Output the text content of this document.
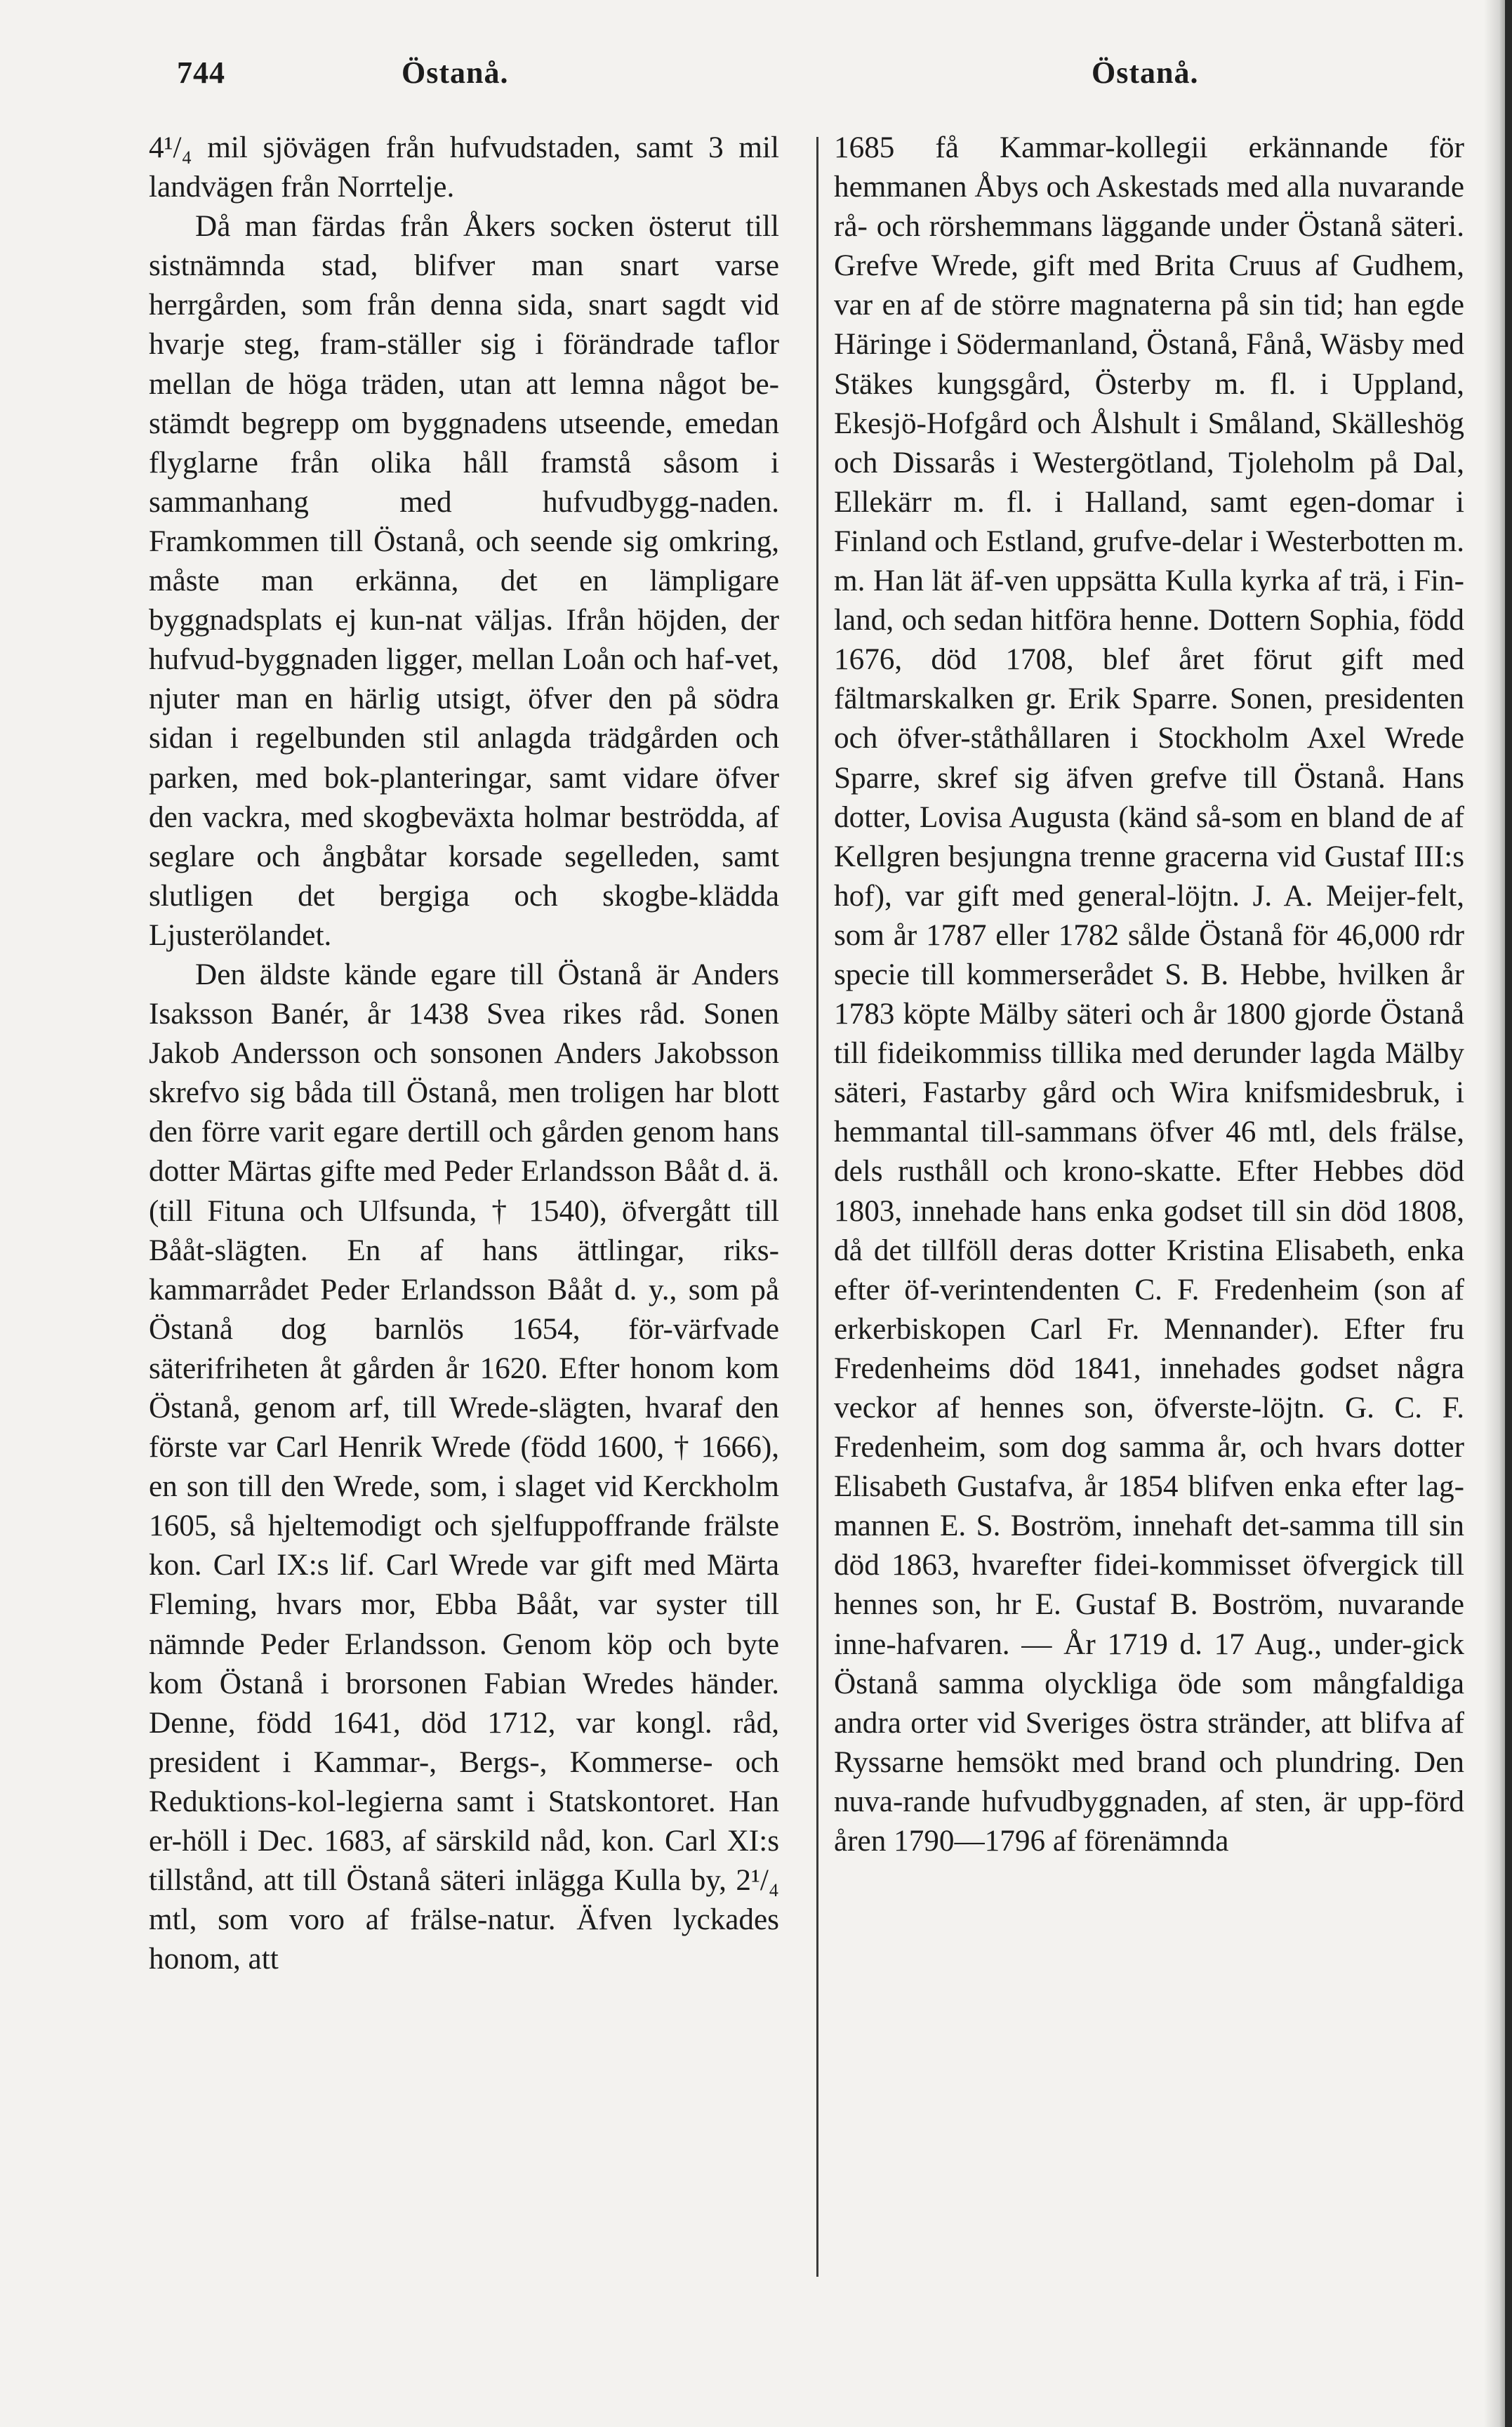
744	Östanå.	Östanå.

4¹/₄ mil sjövägen från hufvudstaden, samt 3 mil landvägen från Norrtelje.

Då man färdas från Åkers socken österut till sistnämnda stad, blifver man snart varse herrgården, som från denna sida, snart sagdt vid hvarje steg, fram-ställer sig i förändrade taflor mellan de höga träden, utan att lemna något be-stämdt begrepp om byggnadens utseende, emedan flyglarne från olika håll framstå såsom i sammanhang med hufvudbygg-naden. Framkommen till Östanå, och seende sig omkring, måste man erkänna, det en lämpligare byggnadsplats ej kun-nat väljas. Ifrån höjden, der hufvud-byggnaden ligger, mellan Loån och haf-vet, njuter man en härlig utsigt, öfver den på södra sidan i regelbunden stil anlagda trädgården och parken, med bok-planteringar, samt vidare öfver den vackra, med skogbeväxta holmar beströdda, af seglare och ångbåtar korsade segelleden, samt slutligen det bergiga och skogbe-klädda Ljusterölandet.

Den äldste kände egare till Östanå är Anders Isaksson Banér, år 1438 Svea rikes råd. Sonen Jakob Andersson och sonsonen Anders Jakobsson skrefvo sig båda till Östanå, men troligen har blott den förre varit egare dertill och gården genom hans dotter Märtas gifte med Peder Erlandsson Bååt d. ä. (till Fituna och Ulfsunda, † 1540), öfvergått till Bååt-slägten. En af hans ättlingar, riks-kammarrådet Peder Erlandsson Bååt d. y., som på Östanå dog barnlös 1654, för-värfvade säterifriheten åt gården år 1620. Efter honom kom Östanå, genom arf, till Wrede-slägten, hvaraf den förste var Carl Henrik Wrede (född 1600, † 1666), en son till den Wrede, som, i slaget vid Kerckholm 1605, så hjeltemodigt och sjelfuppoffrande frälste kon. Carl IX:s lif. Carl Wrede var gift med Märta Fleming, hvars mor, Ebba Bååt, var syster till nämnde Peder Erlandsson. Genom köp och byte kom Östanå i brorsonen Fabian Wredes händer. Denne, född 1641, död 1712, var kongl. råd, president i Kammar-, Bergs-, Kommerse- och Reduktions-kol-legierna samt i Statskontoret. Han er-höll i Dec. 1683, af särskild nåd, kon. Carl XI:s tillstånd, att till Östanå säteri inlägga Kulla by, 2¹/₄ mtl, som voro af frälse-natur. Äfven lyckades honom, att

1685 få Kammar-kollegii erkännande för hemmanen Åbys och Askestads med alla nuvarande rå- och rörshemmans läggande under Östanå säteri. Grefve Wrede, gift med Brita Cruus af Gudhem, var en af de större magnaterna på sin tid; han egde Häringe i Södermanland, Östanå, Fånå, Wäsby med Stäkes kungsgård, Österby m. fl. i Uppland, Ekesjö-Hofgård och Ålshult i Småland, Skälleshög och Dissarås i Westergötland, Tjoleholm på Dal, Ellekärr m. fl. i Halland, samt egen-domar i Finland och Estland, grufve-delar i Westerbotten m. m. Han lät äf-ven uppsätta Kulla kyrka af trä, i Fin-land, och sedan hitföra henne. Dottern Sophia, född 1676, död 1708, blef året förut gift med fältmarskalken gr. Erik Sparre. Sonen, presidenten och öfver-ståthållaren i Stockholm Axel Wrede Sparre, skref sig äfven grefve till Östanå. Hans dotter, Lovisa Augusta (känd så-som en bland de af Kellgren besjungna trenne gracerna vid Gustaf III:s hof), var gift med general-löjtn. J. A. Meijer-felt, som år 1787 eller 1782 sålde Östanå för 46,000 rdr specie till kommerserådet S. B. Hebbe, hvilken år 1783 köpte Mälby säteri och år 1800 gjorde Östanå till fideikommiss tillika med derunder lagda Mälby säteri, Fastarby gård och Wira knifsmidesbruk, i hemmantal till-sammans öfver 46 mtl, dels frälse, dels rusthåll och krono-skatte. Efter Hebbes död 1803, innehade hans enka godset till sin död 1808, då det tillföll deras dotter Kristina Elisabeth, enka efter öf-verintendenten C. F. Fredenheim (son af erkerbiskopen Carl Fr. Mennander). Efter fru Fredenheims död 1841, innehades godset några veckor af hennes son, öfverste-löjtn. G. C. F. Fredenheim, som dog samma år, och hvars dotter Elisabeth Gustafva, år 1854 blifven enka efter lag-mannen E. S. Boström, innehaft det-samma till sin död 1863, hvarefter fidei-kommisset öfvergick till hennes son, hr E. Gustaf B. Boström, nuvarande inne-hafvaren. — År 1719 d. 17 Aug., under-gick Östanå samma olyckliga öde som mångfaldiga andra orter vid Sveriges östra stränder, att blifva af Ryssarne hemsökt med brand och plundring. Den nuva-rande hufvudbyggnaden, af sten, är upp-förd åren 1790—1796 af förenämnda
